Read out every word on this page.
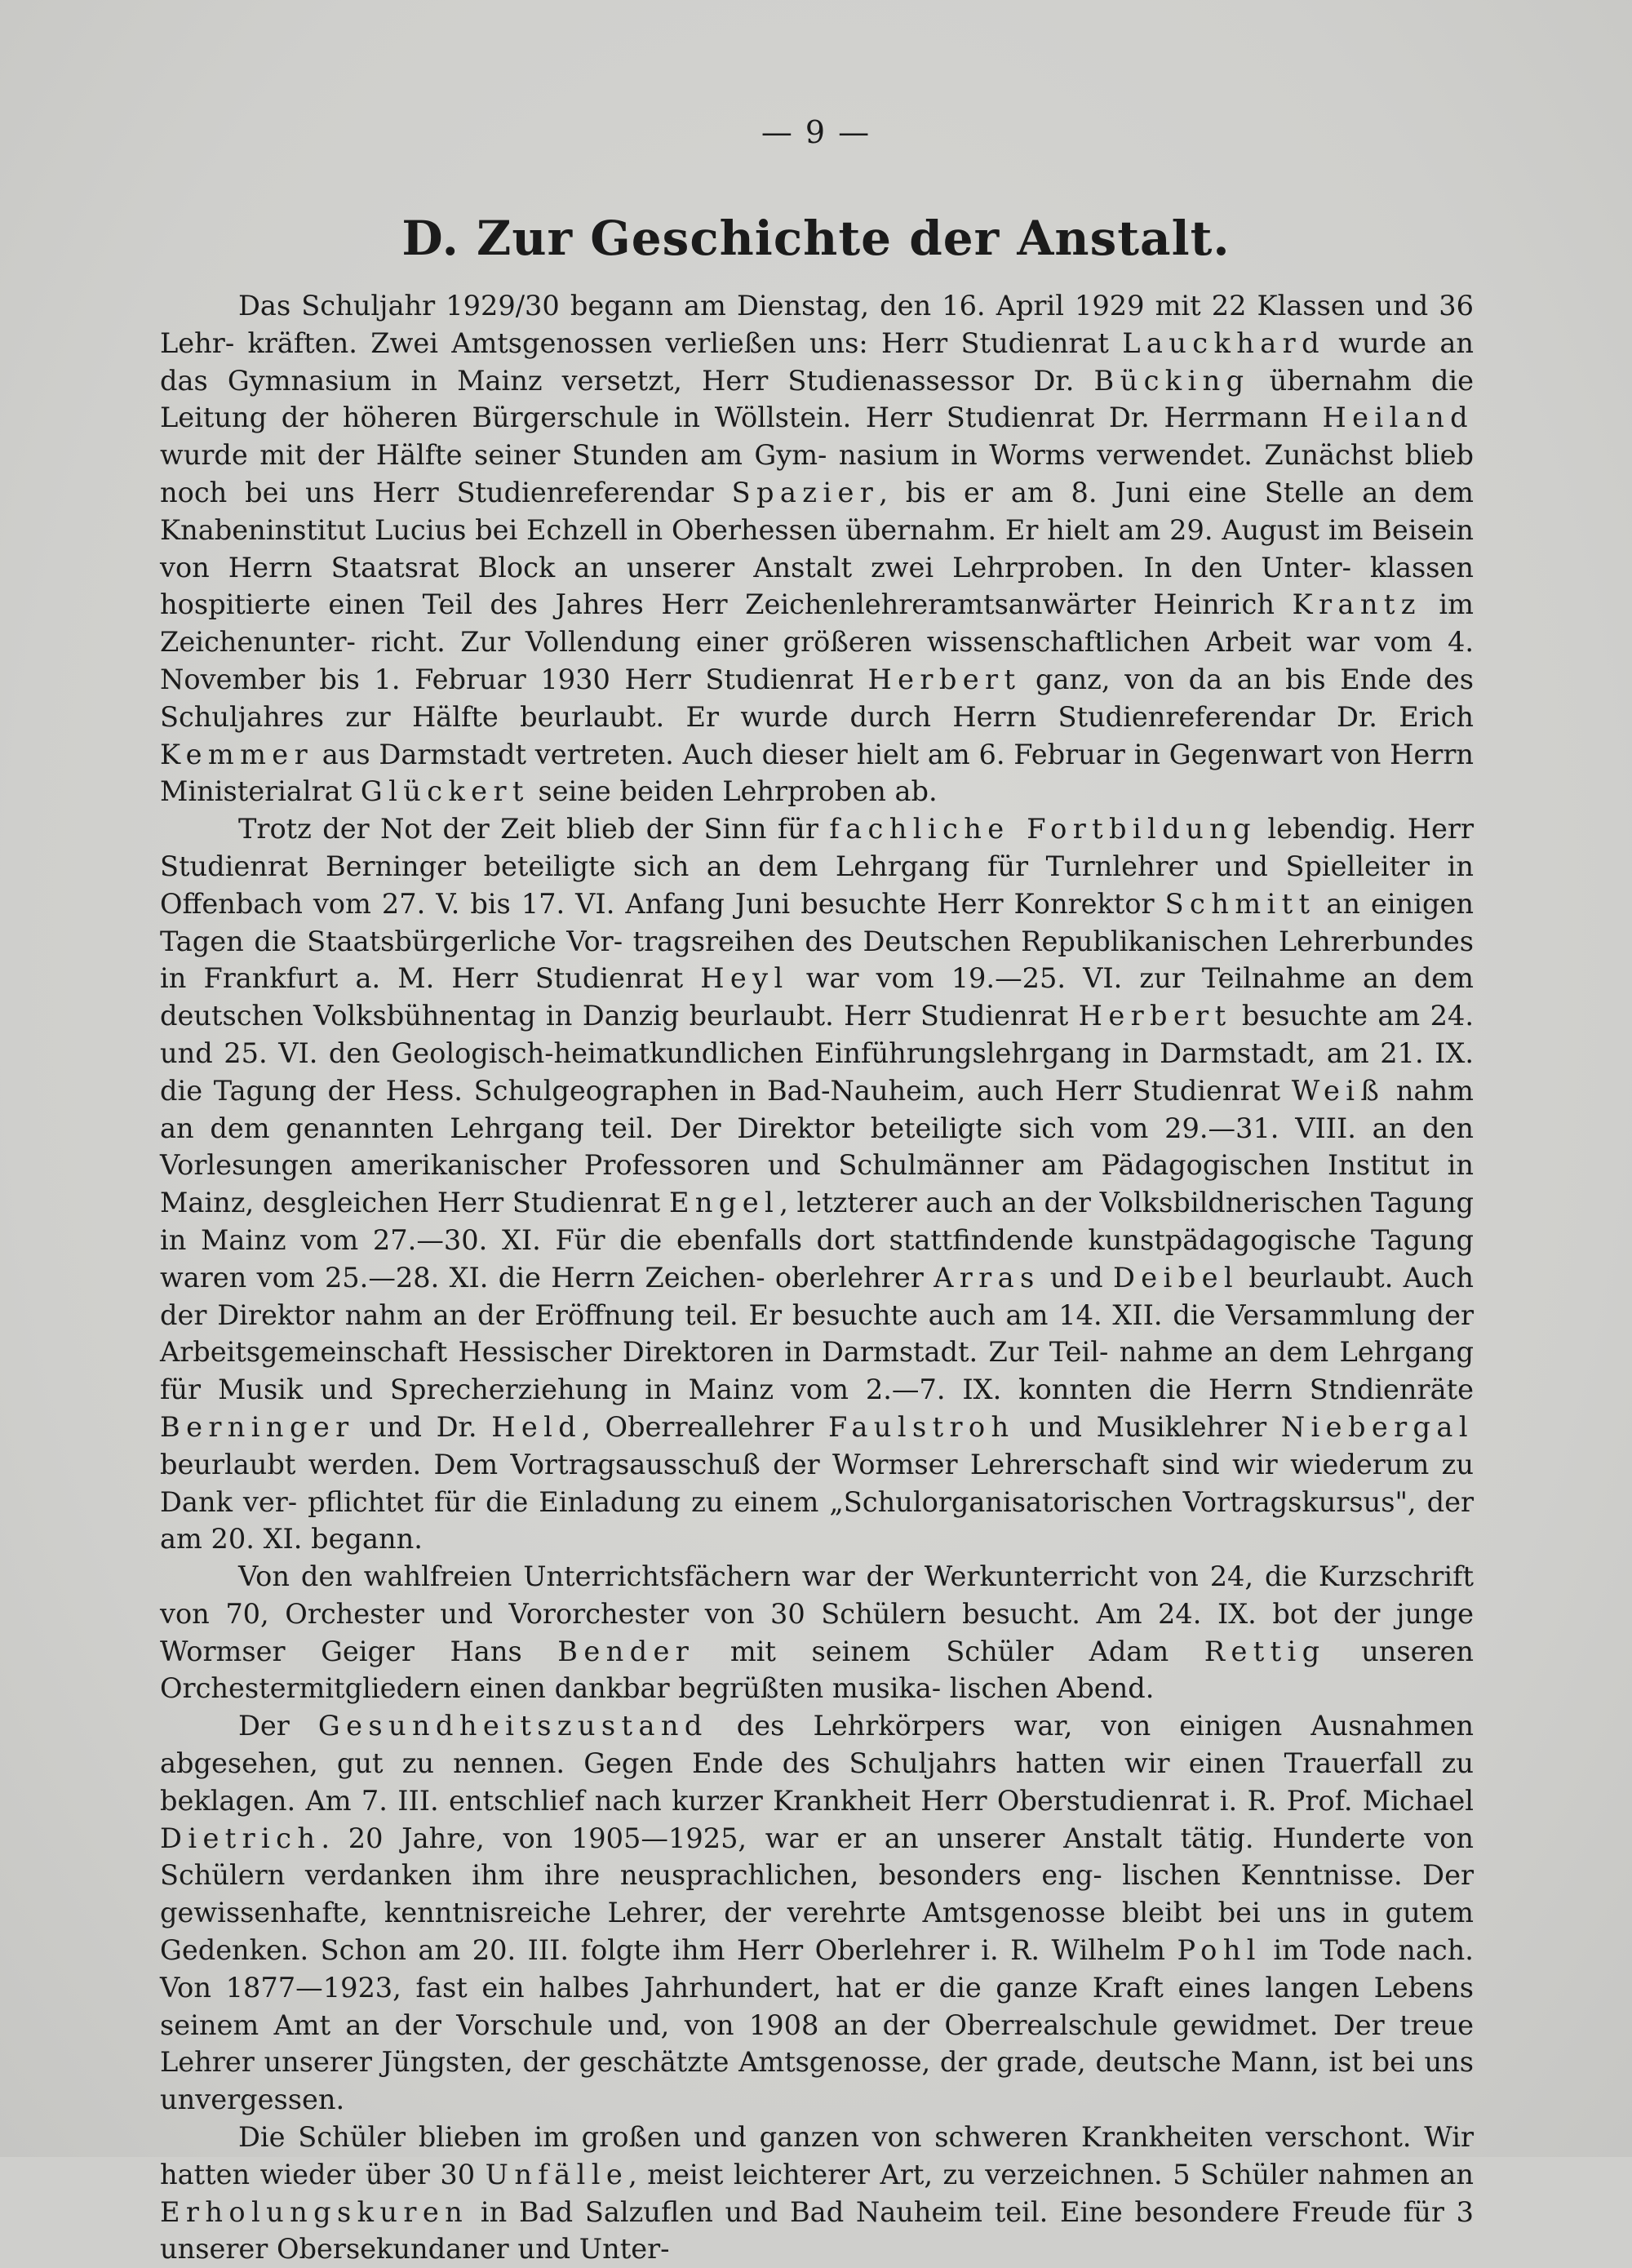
— 9 —
D. Zur Geschichte der Anstalt.

Das Schuljahr 1929/30 begann am Dienstag, den 16. April 1929 mit 22 Klassen und 36 Lehr- kräften. Zwei Amtsgenossen verließen uns: Herr Studienrat Lauckhard wurde an das Gymnasium in Mainz versetzt, Herr Studienassessor Dr. Bücking übernahm die Leitung der höheren Bürgerschule in Wöllstein. Herr Studienrat Dr. Herrmann Heiland wurde mit der Hälfte seiner Stunden am Gym- nasium in Worms verwendet. Zunächst blieb noch bei uns Herr Studienreferendar Spazier, bis er am 8. Juni eine Stelle an dem Knabeninstitut Lucius bei Echzell in Oberhessen übernahm. Er hielt am 29. August im Beisein von Herrn Staatsrat Block an unserer Anstalt zwei Lehrproben. In den Unter- klassen hospitierte einen Teil des Jahres Herr Zeichenlehreramtsanwärter Heinrich Krantz im Zeichenunter- richt. Zur Vollendung einer größeren wissenschaftlichen Arbeit war vom 4. November bis 1. Februar 1930 Herr Studienrat Herbert ganz, von da an bis Ende des Schuljahres zur Hälfte beurlaubt. Er wurde durch Herrn Studienreferendar Dr. Erich Kemmer aus Darmstadt vertreten. Auch dieser hielt am 6. Februar in Gegenwart von Herrn Ministerialrat Glückert seine beiden Lehrproben ab.

Trotz der Not der Zeit blieb der Sinn für fachliche Fortbildung lebendig. Herr Studienrat Berninger beteiligte sich an dem Lehrgang für Turnlehrer und Spielleiter in Offenbach vom 27. V. bis 17. VI. Anfang Juni besuchte Herr Konrektor Schmitt an einigen Tagen die Staatsbürgerliche Vor- tragsreihen des Deutschen Republikanischen Lehrerbundes in Frankfurt a. M. Herr Studienrat Heyl war vom 19.—25. VI. zur Teilnahme an dem deutschen Volksbühnentag in Danzig beurlaubt. Herr Studienrat Herbert besuchte am 24. und 25. VI. den Geologisch-heimatkundlichen Einführungslehrgang in Darmstadt, am 21. IX. die Tagung der Hess. Schulgeographen in Bad-Nauheim, auch Herr Studienrat Weiß nahm an dem genannten Lehrgang teil. Der Direktor beteiligte sich vom 29.—31. VIII. an den Vorlesungen amerikanischer Professoren und Schulmänner am Pädagogischen Institut in Mainz, desgleichen Herr Studienrat Engel, letzterer auch an der Volksbildnerischen Tagung in Mainz vom 27.—30. XI. Für die ebenfalls dort stattfindende kunstpädagogische Tagung waren vom 25.—28. XI. die Herrn Zeichen- oberlehrer Arras und Deibel beurlaubt. Auch der Direktor nahm an der Eröffnung teil. Er besuchte auch am 14. XII. die Versammlung der Arbeitsgemeinschaft Hessischer Direktoren in Darmstadt. Zur Teil- nahme an dem Lehrgang für Musik und Sprecherziehung in Mainz vom 2.—7. IX. konnten die Herrn Stndienräte Berninger und Dr. Held, Oberreallehrer Faulstroh und Musiklehrer Niebergal beurlaubt werden. Dem Vortragsausschuß der Wormser Lehrerschaft sind wir wiederum zu Dank ver- pflichtet für die Einladung zu einem „Schulorganisatorischen Vortragskursus", der am 20. XI. begann.

Von den wahlfreien Unterrichtsfächern war der Werkunterricht von 24, die Kurzschrift von 70, Orchester und Vororchester von 30 Schülern besucht. Am 24. IX. bot der junge Wormser Geiger Hans Bender mit seinem Schüler Adam Rettig unseren Orchestermitgliedern einen dankbar begrüßten musika- lischen Abend.

Der Gesundheitszustand des Lehrkörpers war, von einigen Ausnahmen abgesehen, gut zu nennen. Gegen Ende des Schuljahrs hatten wir einen Trauerfall zu beklagen. Am 7. III. entschlief nach kurzer Krankheit Herr Oberstudienrat i. R. Prof. Michael Dietrich. 20 Jahre, von 1905—1925, war er an unserer Anstalt tätig. Hunderte von Schülern verdanken ihm ihre neusprachlichen, besonders eng- lischen Kenntnisse. Der gewissenhafte, kenntnisreiche Lehrer, der verehrte Amtsgenosse bleibt bei uns in gutem Gedenken. Schon am 20. III. folgte ihm Herr Oberlehrer i. R. Wilhelm Pohl im Tode nach. Von 1877—1923, fast ein halbes Jahrhundert, hat er die ganze Kraft eines langen Lebens seinem Amt an der Vorschule und, von 1908 an der Oberrealschule gewidmet. Der treue Lehrer unserer Jüngsten, der geschätzte Amtsgenosse, der grade, deutsche Mann, ist bei uns unvergessen.

Die Schüler blieben im großen und ganzen von schweren Krankheiten verschont. Wir hatten wieder über 30 Unfälle, meist leichterer Art, zu verzeichnen. 5 Schüler nahmen an Erholungskuren in Bad Salzuflen und Bad Nauheim teil. Eine besondere Freude für 3 unserer Obersekundaner und Unter-
